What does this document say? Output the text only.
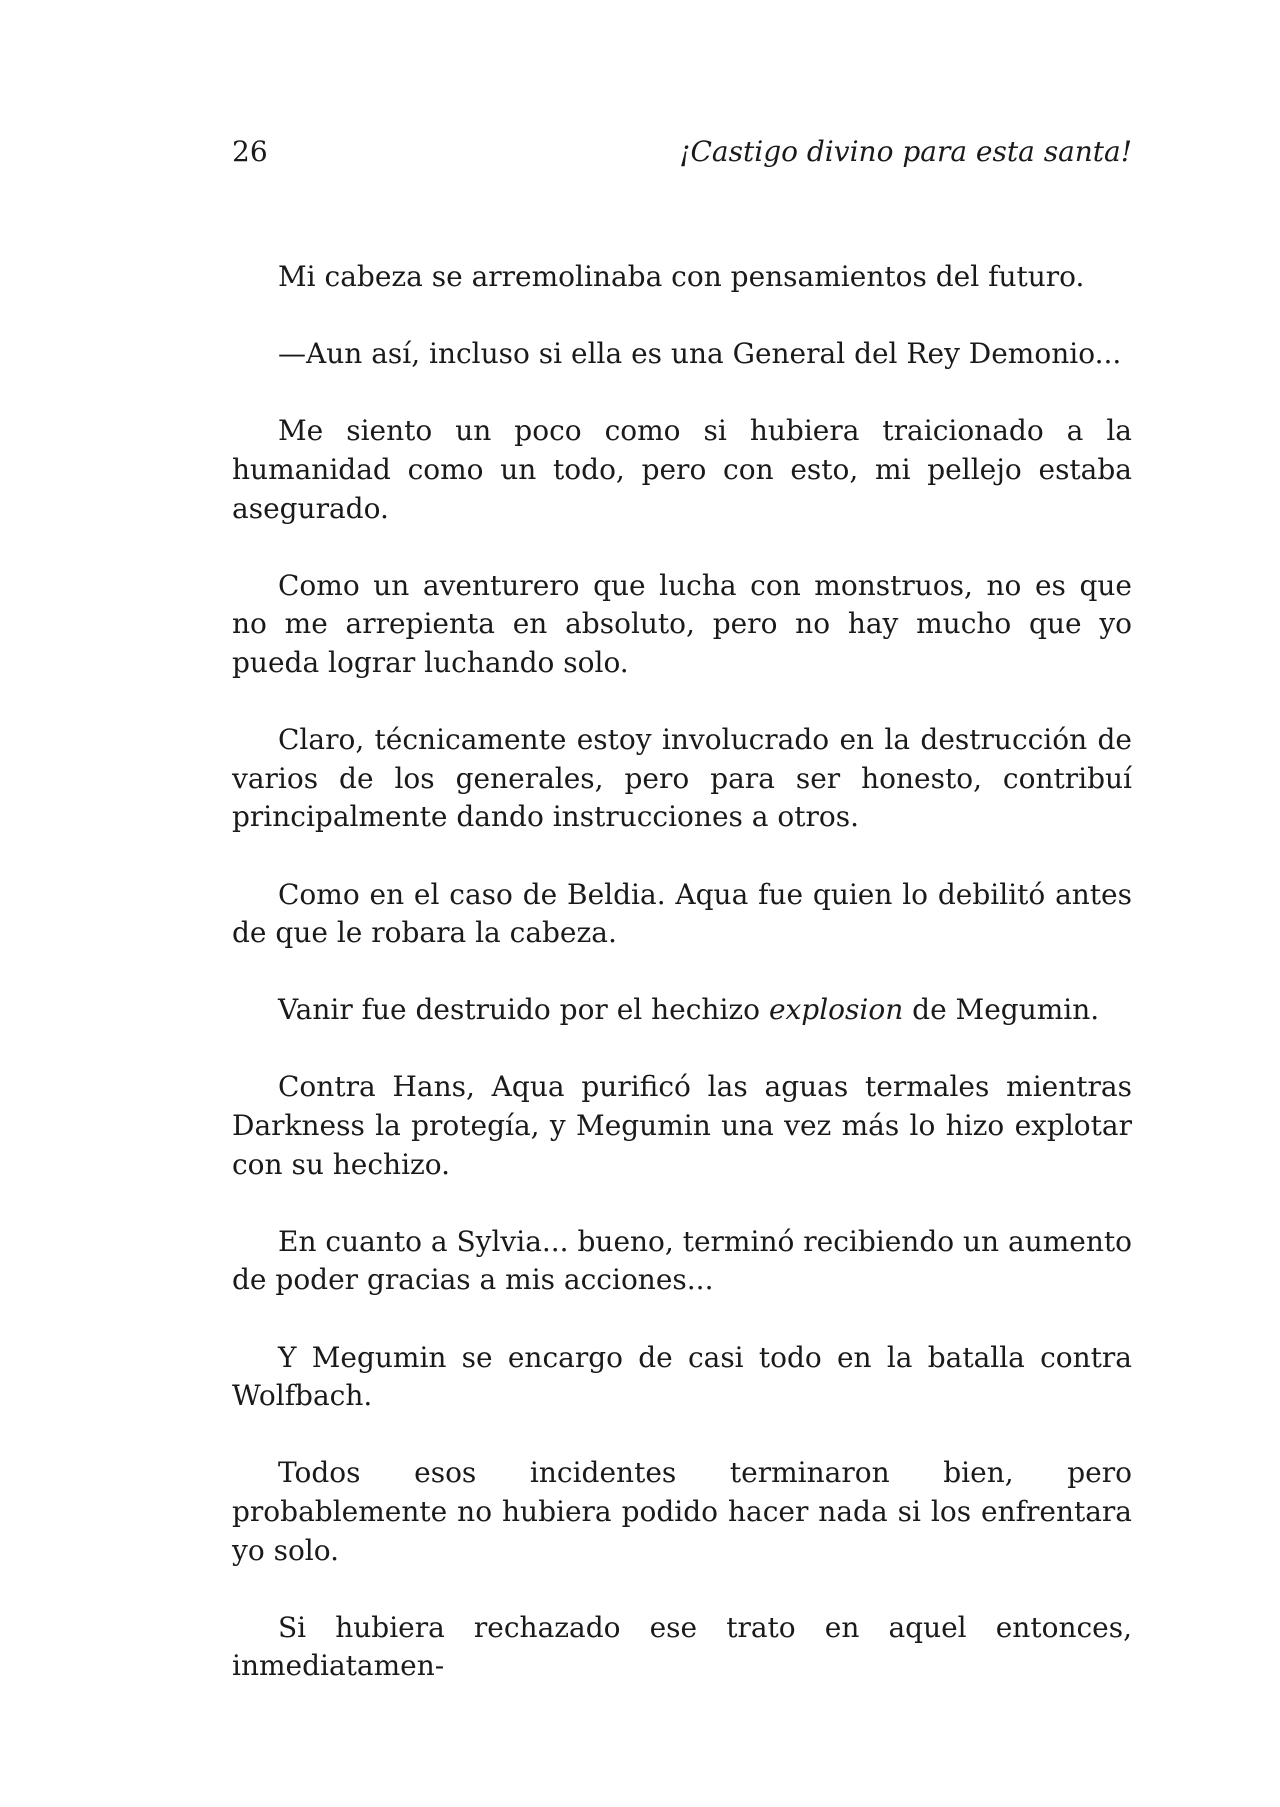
26	¡Castigo divino para esta santa!

Mi cabeza se arremolinaba con pensamientos del futuro.

—Aun así, incluso si ella es una General del Rey Demonio...

Me siento un poco como si hubiera traicionado a la humanidad como un todo, pero con esto, mi pellejo estaba asegurado.

Como un aventurero que lucha con monstruos, no es que no me arrepienta en absoluto, pero no hay mucho que yo pueda lograr luchando solo.

Claro, técnicamente estoy involucrado en la destrucción de varios de los generales, pero para ser honesto, contribuí principalmente dando instrucciones a otros.

Como en el caso de Beldia. Aqua fue quien lo debilitó antes de que le robara la cabeza.

Vanir fue destruido por el hechizo explosion de Megumin.

Contra Hans, Aqua purificó las aguas termales mientras Darkness la protegía, y Megumin una vez más lo hizo explotar con su hechizo.

En cuanto a Sylvia... bueno, terminó recibiendo un aumento de poder gracias a mis acciones...

Y Megumin se encargo de casi todo en la batalla contra Wolfbach.

Todos esos incidentes terminaron bien, pero probablemente no hubiera podido hacer nada si los enfrentara yo solo.

Si hubiera rechazado ese trato en aquel entonces, inmediatamen-
